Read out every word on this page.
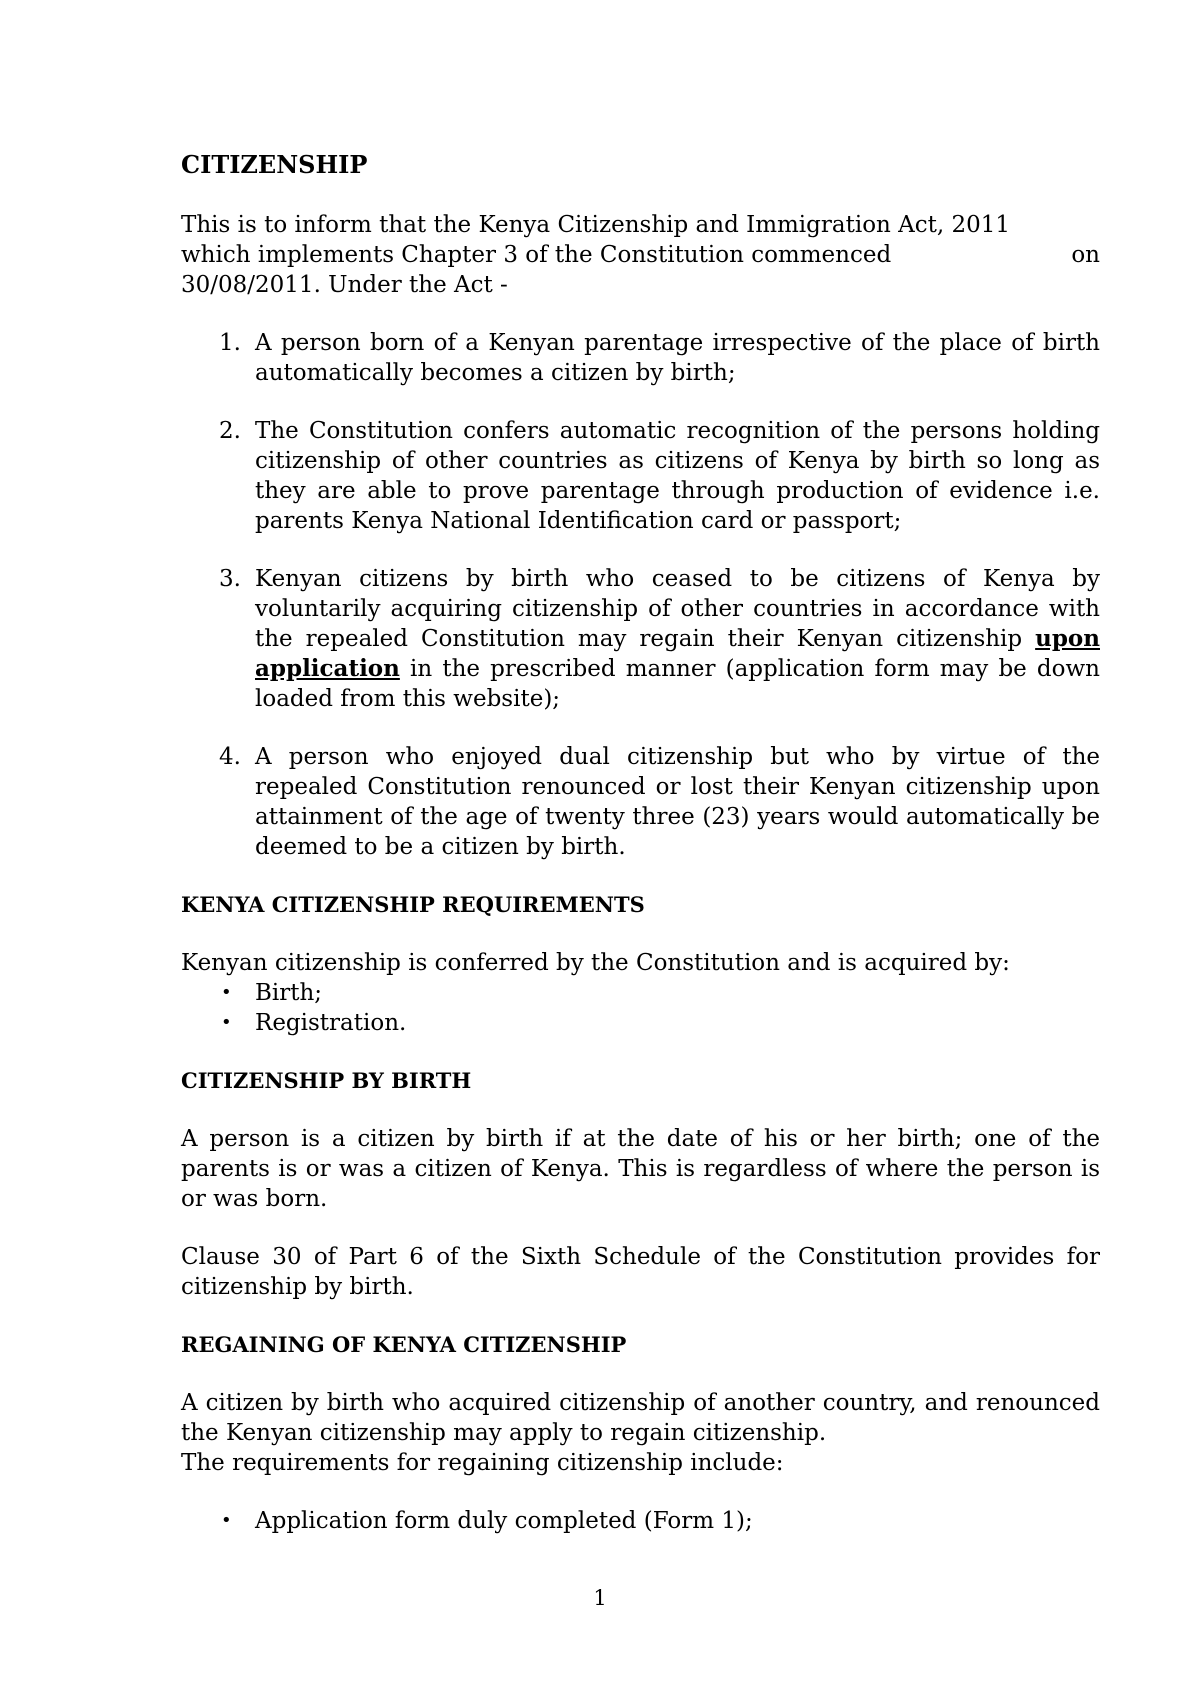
CITIZENSHIP

This is to inform that the Kenya Citizenship and Immigration Act, 2011

which implements Chapter 3 of the Constitution commenced	on
30/08/2011. Under the Act -

1. A person born of a Kenyan parentage irrespective of the place of birth automatically becomes a citizen by birth;
2. The Constitution confers automatic recognition of the persons holding citizenship of other countries as citizens of Kenya by birth so long as they are able to prove parentage through production of evidence i.e. parents Kenya National Identification card or passport;
3. Kenyan citizens by birth who ceased to be citizens of Kenya by voluntarily acquiring citizenship of other countries in accordance with the repealed Constitution may regain their Kenyan citizenship upon application in the prescribed manner (application form may be down loaded from this website);
4. A person who enjoyed dual citizenship but who by virtue of the repealed Constitution renounced or lost their Kenyan citizenship upon attainment of the age of twenty three (23) years would automatically be deemed to be a citizen by birth.
KENYA CITIZENSHIP REQUIREMENTS

Kenyan citizenship is conferred by the Constitution and is acquired by:

• Birth;
• Registration.
CITIZENSHIP BY BIRTH

A person is a citizen by birth if at the date of his or her birth; one of the parents is or was a citizen of Kenya. This is regardless of where the person is or was born.

Clause 30 of Part 6 of the Sixth Schedule of the Constitution provides for citizenship by birth.

REGAINING OF KENYA CITIZENSHIP

A citizen by birth who acquired citizenship of another country, and renounced the Kenyan citizenship may apply to regain citizenship.

The requirements for regaining citizenship include:

• Application form duly completed (Form 1);
1
